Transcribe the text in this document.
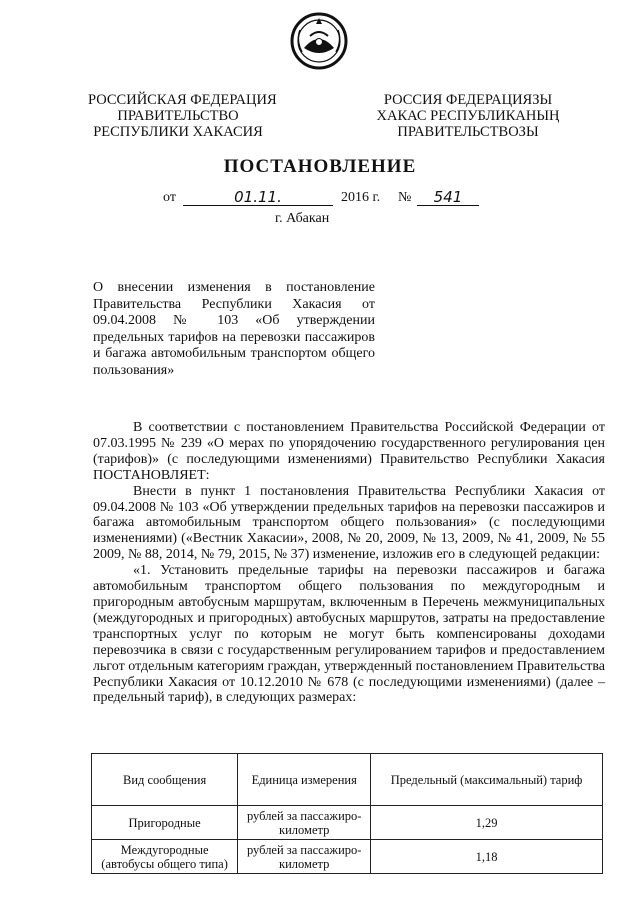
РОССИЙСКАЯ ФЕДЕРАЦИЯ
ПРАВИТЕЛЬСТВО
РЕСПУБЛИКИ ХАКАСИЯ
РОССИЯ ФЕДЕРАЦИЯЗЫ
ХАКАС РЕСПУБЛИКАНЫҢ
ПРАВИТЕЛЬСТВОЗЫ
ПОСТАНОВЛЕНИЕ
от	01.11.	2016 г. №	541
г. Абакан
О внесении изменения в постановление Правительства Республики Хакасия от 09.04.2008 № 103 «Об утверждении предельных тарифов на перевозки пассажиров и багажа автомобильным транспортом общего пользования»

В соответствии с постановлением Правительства Российской Федерации от 07.03.1995 № 239 «О мерах по упорядочению государственного регулирования цен (тарифов)» (с последующими изменениями) Правительство Республики Хакасия ПОСТАНОВЛЯЕТ:

Внести в пункт 1 постановления Правительства Республики Хакасия от 09.04.2008 № 103 «Об утверждении предельных тарифов на перевозки пассажиров и багажа автомобильным транспортом общего пользования» (с последующими изменениями) («Вестник Хакасии», 2008, № 20, 2009, № 13, 2009, № 41, 2009, № 55 2009, № 88, 2014, № 79, 2015, № 37) изменение, изложив его в следующей редакции:

«1. Установить предельные тарифы на перевозки пассажиров и багажа автомобильным транспортом общего пользования по междугородным и пригородным автобусным маршрутам, включенным в Перечень межмуниципальных (междугородных и пригородных) автобусных маршрутов, затраты на предоставление транспортных услуг по которым не могут быть компенсированы доходами перевозчика в связи с государственным регулированием тарифов и предоставлением льгот отдельным категориям граждан, утвержденный постановлением Правительства Республики Хакасия от 10.12.2010 № 678 (с последующими изменениями) (далее – предельный тариф), в следующих размерах:

Вид сообщения	Единица измерения	Предельный (максимальный) тариф
Пригородные	рублей за пассажиро-километр	1,29
Междугородные (автобусы общего типа)	рублей за пассажиро-километр	1,18
